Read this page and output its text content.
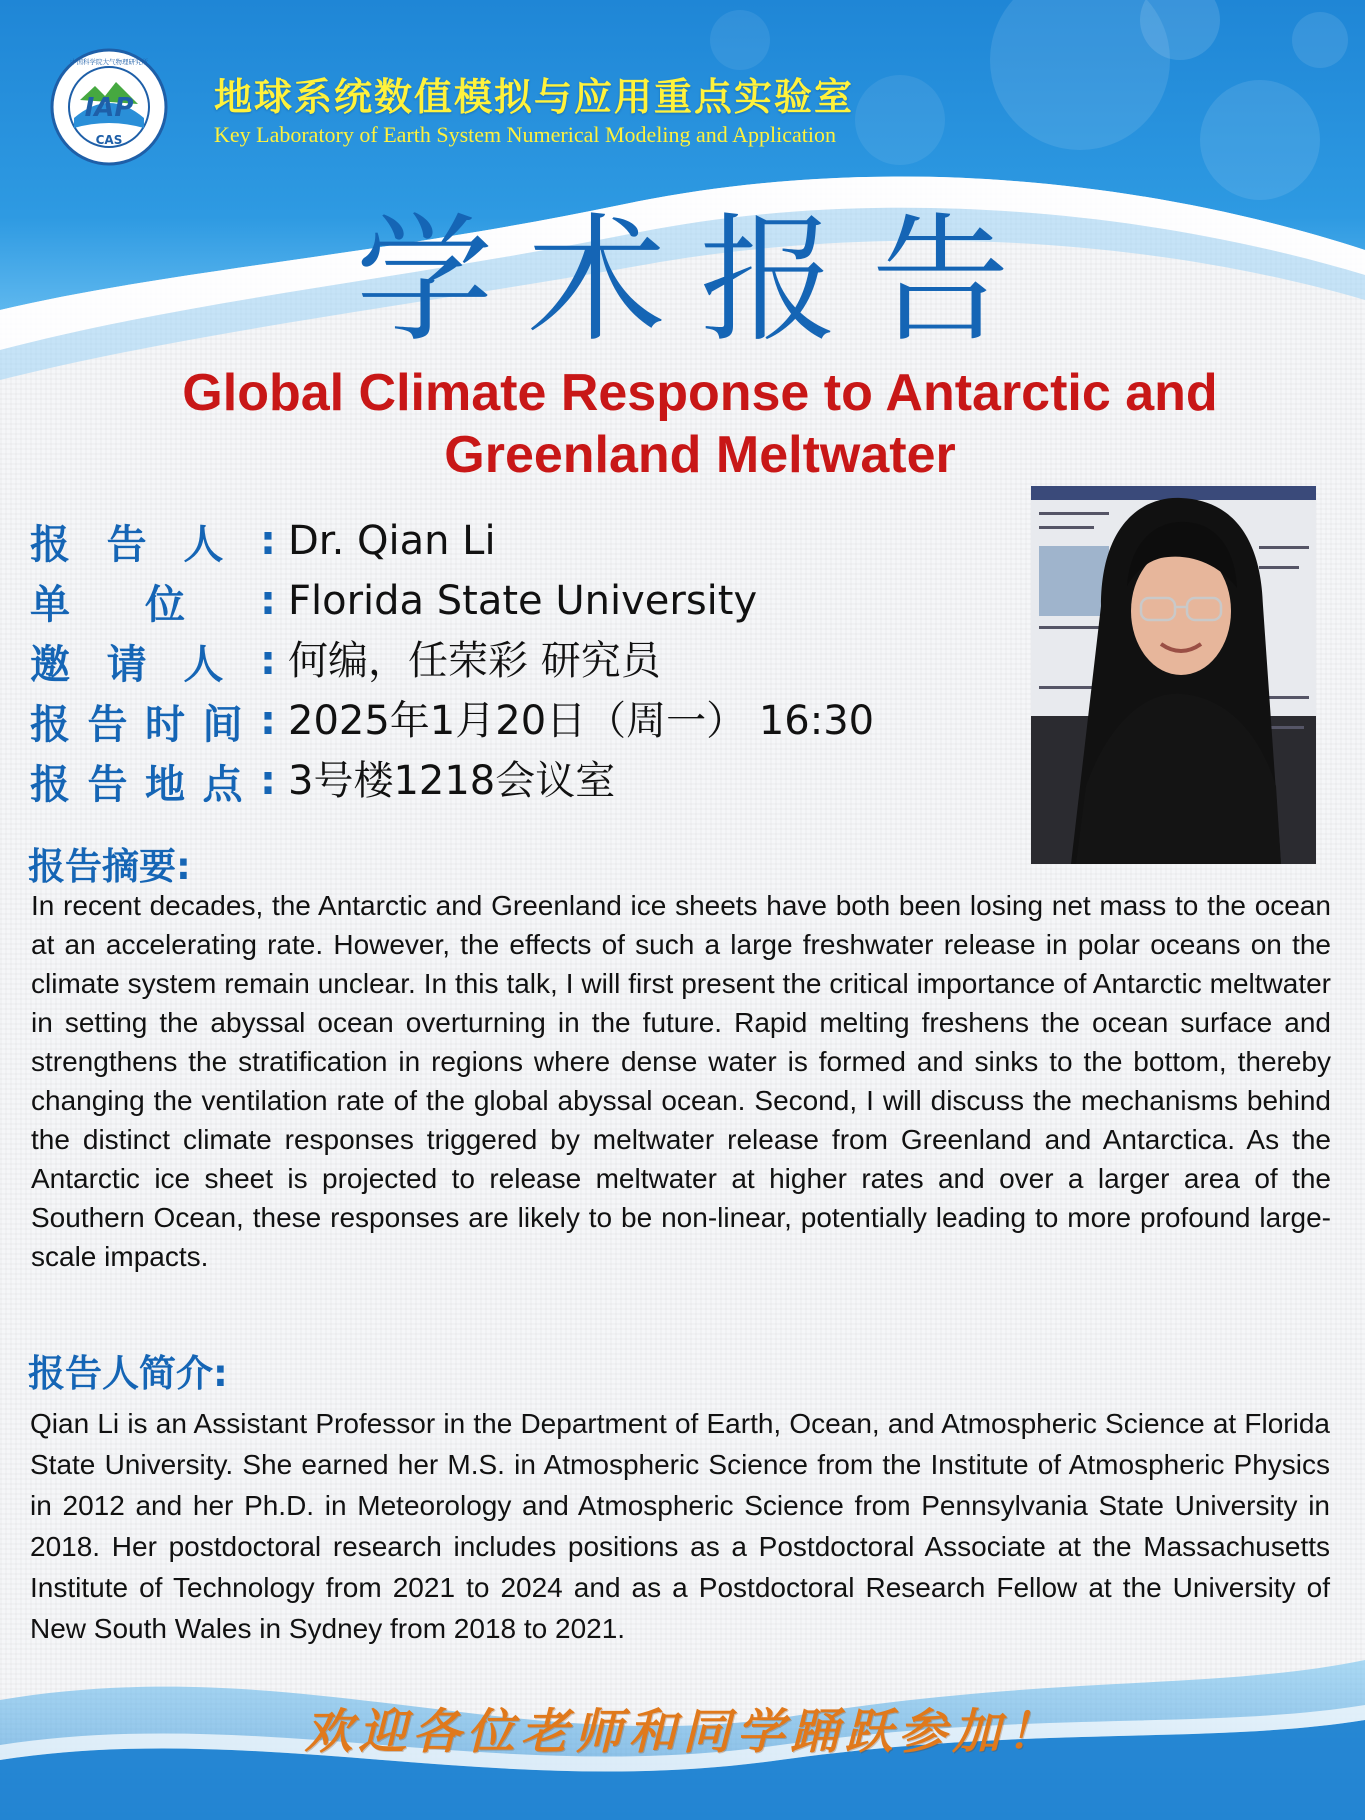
IAP
CAS
中国科学院大气物理研究所
地球系统数值模拟与应用重点实验室
Key Laboratory of Earth System Numerical Modeling and Application
学术报告
Global Climate Response to Antarctic and Greenland Meltwater
报 告 人 : Dr. Qian Li
单 位 : Florida State University
邀 请 人 : 何编，任荣彩 研究员
报 告 时 间 : 2025年1月20日（周一） 16:30
报 告 地 点 : 3号楼1218会议室
报告摘要:
In recent decades, the Antarctic and Greenland ice sheets have both been losing net mass to the ocean at an accelerating rate. However, the effects of such a large freshwater release in polar oceans on the climate system remain unclear. In this talk, I will first present the critical importance of Antarctic meltwater in setting the abyssal ocean overturning in the future. Rapid melting freshens the ocean surface and strengthens the stratification in regions where dense water is formed and sinks to the bottom, thereby changing the ventilation rate of the global abyssal ocean. Second, I will discuss the mechanisms behind the distinct climate responses triggered by meltwater release from Greenland and Antarctica. As the Antarctic ice sheet is projected to release meltwater at higher rates and over a larger area of the Southern Ocean, these responses are likely to be non-linear, potentially leading to more profound large-scale impacts.
报告人简介:
Qian Li is an Assistant Professor in the Department of Earth, Ocean, and Atmospheric Science at Florida State University. She earned her M.S. in Atmospheric Science from the Institute of Atmospheric Physics in 2012 and her Ph.D. in Meteorology and Atmospheric Science from Pennsylvania State University in 2018. Her postdoctoral research includes positions as a Postdoctoral Associate at the Massachusetts Institute of Technology from 2021 to 2024 and as a Postdoctoral Research Fellow at the University of New South Wales in Sydney from 2018 to 2021.
欢迎各位老师和同学踊跃参加！
